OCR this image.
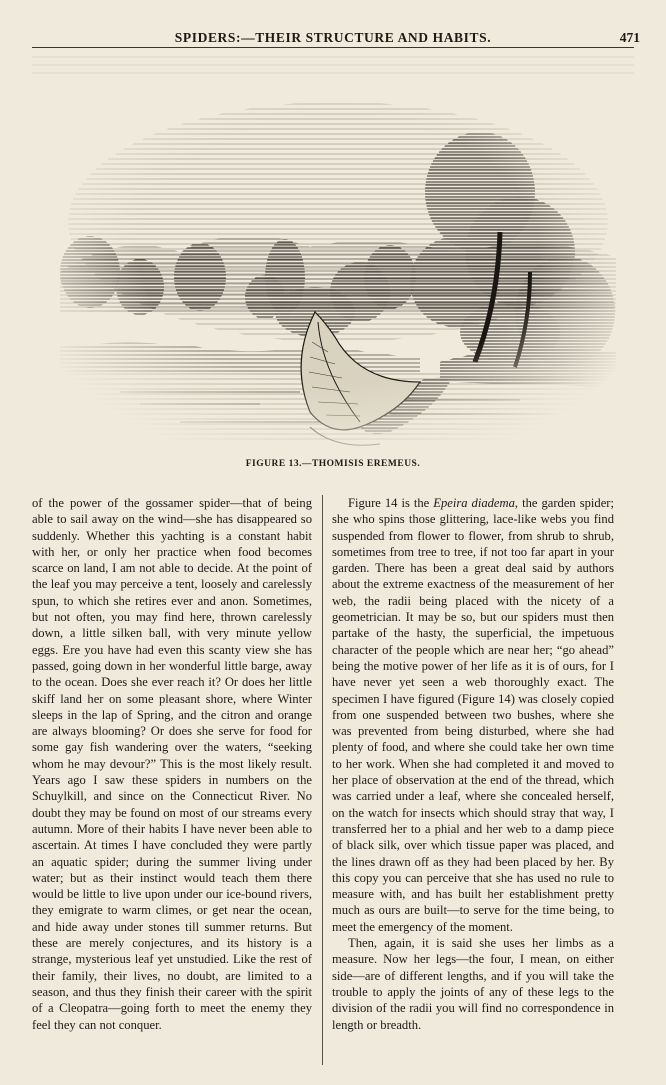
SPIDERS:—THEIR STRUCTURE AND HABITS.	471
FIGURE 13.—THOMISIS EREMEUS.

of the power of the gossamer spider—that of being able to sail away on the wind—she has disappeared so suddenly. Whether this yachting is a constant habit with her, or only her practice when food becomes scarce on land, I am not able to decide. At the point of the leaf you may perceive a tent, loosely and carelessly spun, to which she retires ever and anon. Sometimes, but not often, you may find here, thrown carelessly down, a little silken ball, with very minute yellow eggs. Ere you have had even this scanty view she has passed, going down in her wonderful little barge, away to the ocean. Does she ever reach it? Or does her little skiff land her on some pleasant shore, where Winter sleeps in the lap of Spring, and the citron and orange are always blooming? Or does she serve for food for some gay fish wandering over the waters, “seeking whom he may devour?” This is the most likely result. Years ago I saw these spiders in numbers on the Schuylkill, and since on the Connecticut River. No doubt they may be found on most of our streams every autumn. More of their habits I have never been able to ascertain. At times I have concluded they were partly an aquatic spider; during the summer living under water; but as their instinct would teach them there would be little to live upon under our ice-bound rivers, they emigrate to warm climes, or get near the ocean, and hide away under stones till summer returns. But these are merely conjectures, and its history is a strange, mysterious leaf yet unstudied. Like the rest of their family, their lives, no doubt, are limited to a season, and thus they finish their career with the spirit of a Cleopatra—going forth to meet the enemy they feel they can not conquer.

Figure 14 is the Epeira diadema, the garden spider; she who spins those glittering, lace-like webs you find suspended from flower to flower, from shrub to shrub, sometimes from tree to tree, if not too far apart in your garden. There has been a great deal said by authors about the extreme exactness of the measurement of her web, the radii being placed with the nicety of a geometrician. It may be so, but our spiders must then partake of the hasty, the superficial, the impetuous character of the people which are near her; “go ahead” being the motive power of her life as it is of ours, for I have never yet seen a web thoroughly exact. The specimen I have figured (Figure 14) was closely copied from one suspended between two bushes, where she was prevented from being disturbed, where she had plenty of food, and where she could take her own time to her work. When she had completed it and moved to her place of observation at the end of the thread, which was carried under a leaf, where she concealed herself, on the watch for insects which should stray that way, I transferred her to a phial and her web to a damp piece of black silk, over which tissue paper was placed, and the lines drawn off as they had been placed by her. By this copy you can perceive that she has used no rule to measure with, and has built her establishment pretty much as ours are built—to serve for the time being, to meet the emergency of the moment.

Then, again, it is said she uses her limbs as a measure. Now her legs—the four, I mean, on either side—are of different lengths, and if you will take the trouble to apply the joints of any of these legs to the division of the radii you will find no correspondence in length or breadth.
